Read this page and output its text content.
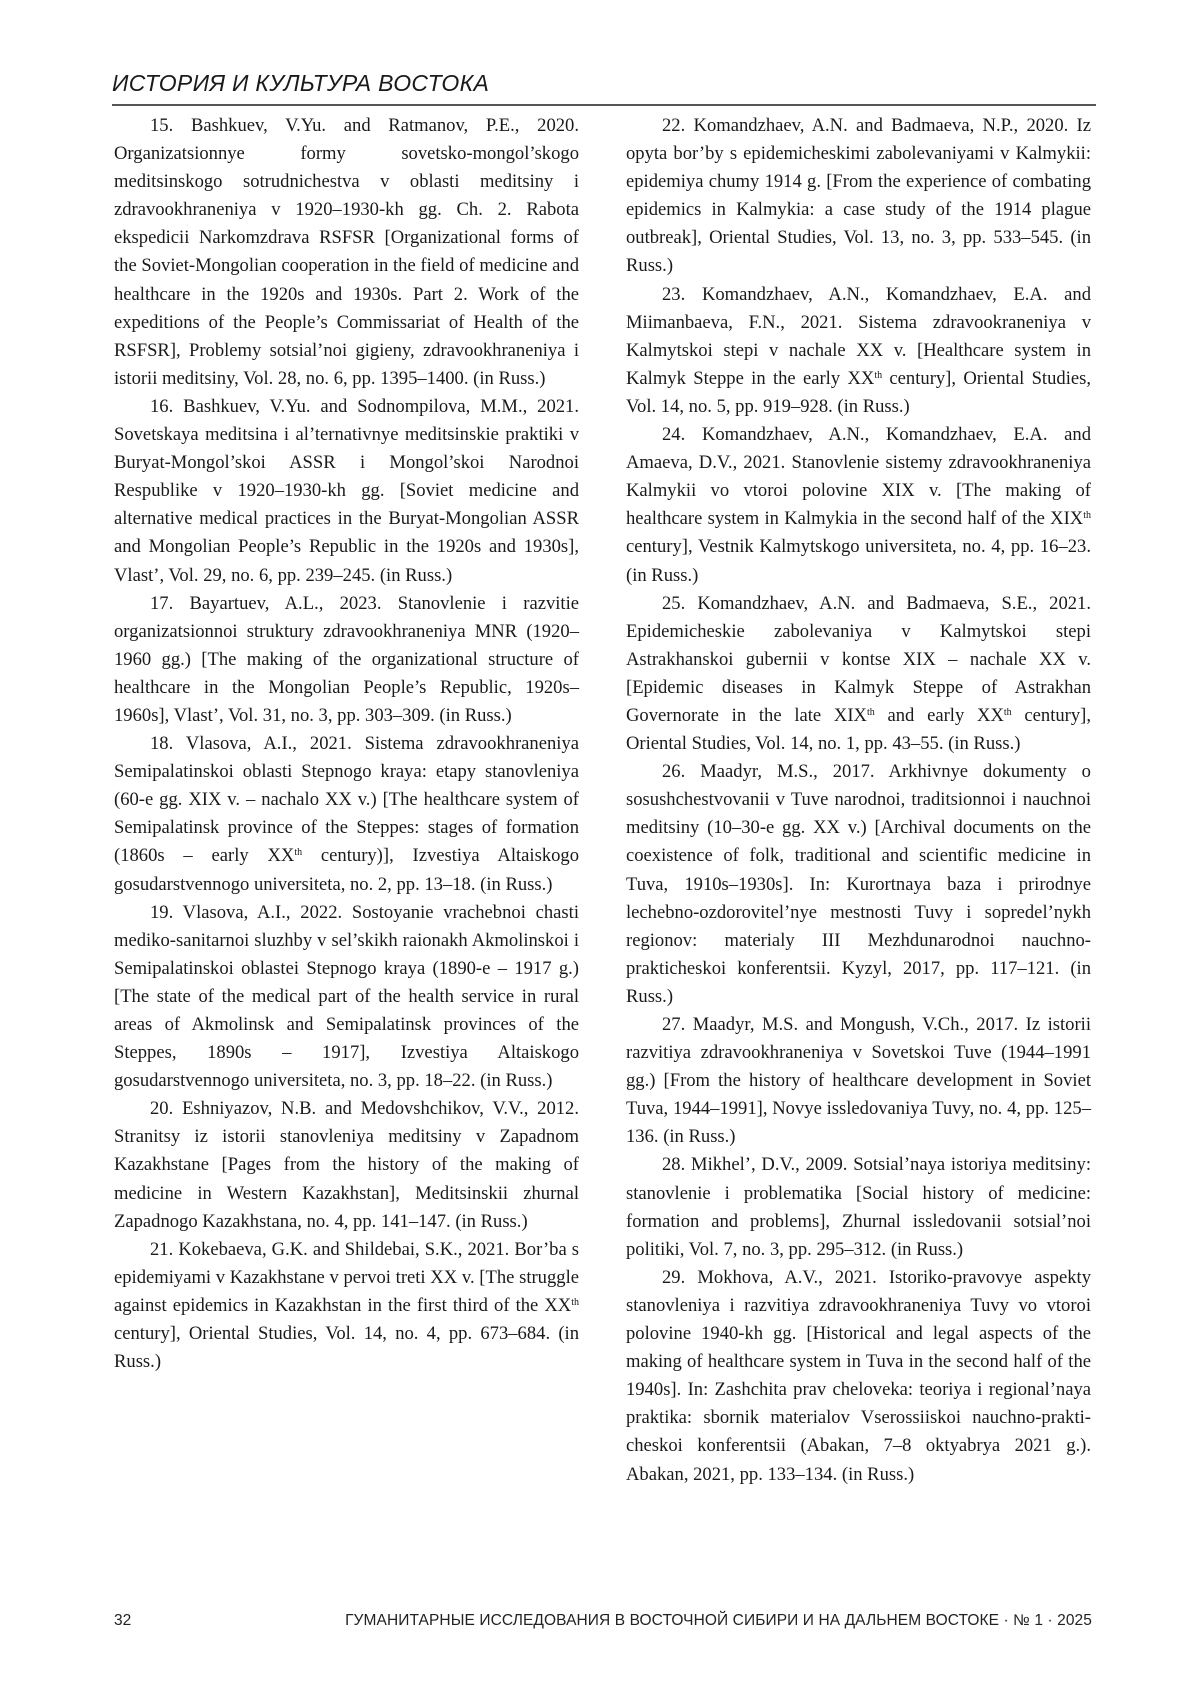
ИСТОРИЯ И КУЛЬТУРА ВОСТОКА

15. Bashkuev, V.Yu. and Ratmanov, P.E., 2020. Organizatsionnye formy sovetsko-mongol’skogo meditsinskogo sotrudnichestva v oblasti meditsiny i zdravookhraneniya v 1920–1930-kh gg. Ch. 2. Rabota ekspedicii Narkomzdrava RSFSR [Organizational forms of the Soviet-Mongolian cooperation in the field of medicine and healthcare in the 1920s and 1930s. Part 2. Work of the expeditions of the People’s Commissariat of Health of the RSFSR], Problemy sotsial’noi gigieny, zdravookhraneniya i istorii meditsiny, Vol. 28, no. 6, pp. 1395–1400. (in Russ.)

16. Bashkuev, V.Yu. and Sodnompilova, M.M., 2021. Sovetskaya meditsina i al’ternativnye meditsinskie praktiki v Buryat-Mongol’skoi ASSR i Mongol’skoi Narodnoi Respublike v 1920–1930-kh gg. [Soviet medicine and alternative medical practices in the Buryat-Mongolian ASSR and Mongolian People’s Republic in the 1920s and 1930s], Vlast’, Vol. 29, no. 6, pp. 239–245. (in Russ.)

17. Bayartuev, A.L., 2023. Stanovlenie i razvitie organizatsionnoi struktury zdravookhraneniya MNR (1920–1960 gg.) [The making of the organizational structure of healthcare in the Mongolian People’s Republic, 1920s–1960s], Vlast’, Vol. 31, no. 3, pp. 303–309. (in Russ.)

18. Vlasova, A.I., 2021. Sistema zdravookhraneniya Semipalatinskoi oblasti Stepnogo kraya: etapy stanovleniya (60-e gg. XIX v. – nachalo XX v.) [The healthcare system of Semipalatinsk province of the Steppes: stages of formation (1860s – early XXth century)], Izvestiya Altaiskogo gosudarstvennogo universiteta, no. 2, pp. 13–18. (in Russ.)

19. Vlasova, A.I., 2022. Sostoyanie vrachebnoi chasti mediko-sanitarnoi sluzhby v sel’skikh raionakh Akmolinskoi i Semipalatinskoi oblastei Stepnogo kraya (1890-e – 1917 g.) [The state of the medical part of the health service in rural areas of Akmolinsk and Semipalatinsk provinces of the Steppes, 1890s – 1917], Izvestiya Altaiskogo gosudarstvennogo universiteta, no. 3, pp. 18–22. (in Russ.)

20. Eshniyazov, N.B. and Medovshchikov, V.V., 2012. Stranitsy iz istorii stanovleniya meditsiny v Zapadnom Kazakhstane [Pages from the history of the making of medicine in Western Kazakhstan], Meditsinskii zhurnal Zapadnogo Kazakhstana, no. 4, pp. 141–147. (in Russ.)

21. Kokebaeva, G.K. and Shildebai, S.K., 2021. Bor’ba s epidemiyami v Kazakhstane v pervoi treti XX v. [The struggle against epidemics in Kazakhstan in the first third of the XXth century], Oriental Studies, Vol. 14, no. 4, pp. 673–684. (in Russ.)

22. Komandzhaev, A.N. and Badmaeva, N.P., 2020. Iz opyta bor’by s epidemicheskimi zabolevaniyami v Kalmykii: epidemiya chumy 1914 g. [From the experience of combating epidemics in Kalmykia: a case study of the 1914 plague outbreak], Oriental Studies, Vol. 13, no. 3, pp. 533–545. (in Russ.)

23. Komandzhaev, A.N., Komandzhaev, E.A. and Miimanbaeva, F.N., 2021. Sistema zdravookraneniya v Kalmytskoi stepi v nachale XX v. [Healthcare system in Kalmyk Steppe in the early XXth century], Oriental Studies, Vol. 14, no. 5, pp. 919–928. (in Russ.)

24. Komandzhaev, A.N., Komandzhaev, E.A. and Amaeva, D.V., 2021. Stanovlenie sistemy zdravookhraneniya Kalmykii vo vtoroi polovine XIX v. [The making of healthcare system in Kalmykia in the second half of the XIXth century], Vestnik Kalmytskogo universiteta, no. 4, pp. 16–23. (in Russ.)

25. Komandzhaev, A.N. and Badmaeva, S.E., 2021. Epidemicheskie zabolevaniya v Kalmytskoi stepi Astrakhanskoi gubernii v kontse XIX – nachale XX v. [Epidemic diseases in Kalmyk Steppe of Astrakhan Governorate in the late XIXth and early XXth century], Oriental Studies, Vol. 14, no. 1, pp. 43–55. (in Russ.)

26. Maadyr, M.S., 2017. Arkhivnye dokumenty o sosushchestvovanii v Tuve narodnoi, traditsionnoi i nauchnoi meditsiny (10–30-e gg. XX v.) [Archival documents on the coexistence of folk, traditional and scientific medicine in Tuva, 1910s–1930s]. In: Kurortnaya baza i prirodnye lechebno-ozdorovitel’nye mestnosti Tuvy i sopredel’nykh regionov: materialy III Mezhdunarodnoi nauchno-prakticheskoi konferentsii. Kyzyl, 2017, pp. 117–121. (in Russ.)

27. Maadyr, M.S. and Mongush, V.Ch., 2017. Iz istorii razvitiya zdravookhraneniya v Sovetskoi Tuve (1944–1991 gg.) [From the history of healthcare development in Soviet Tuva, 1944–1991], Novye issledovaniya Tuvy, no. 4, pp. 125–136. (in Russ.)

28. Mikhel’, D.V., 2009. Sotsial’naya istoriya meditsiny: stanovlenie i problematika [Social history of medicine: formation and problems], Zhurnal issledovanii sotsial’noi politiki, Vol. 7, no. 3, pp. 295–312. (in Russ.)

29. Mokhova, A.V., 2021. Istoriko-pravovye aspekty stanovleniya i razvitiya zdravookhraneniya Tuvy vo vtoroi polovine 1940-kh gg. [Historical and legal aspects of the making of healthcare system in Tuva in the second half of the 1940s]. In: Zashchita prav cheloveka: teoriya i regional’naya praktika: sbornik materialov Vserossiiskoi nauchno-prakticheskoi konferentsii (Abakan, 7–8 oktyabrya 2021 g.). Abakan, 2021, pp. 133–134. (in Russ.)

32	ГУМАНИТАРНЫЕ ИССЛЕДОВАНИЯ В ВОСТОЧНОЙ СИБИРИ И НА ДАЛЬНЕМ ВОСТОКЕ · № 1 · 2025
